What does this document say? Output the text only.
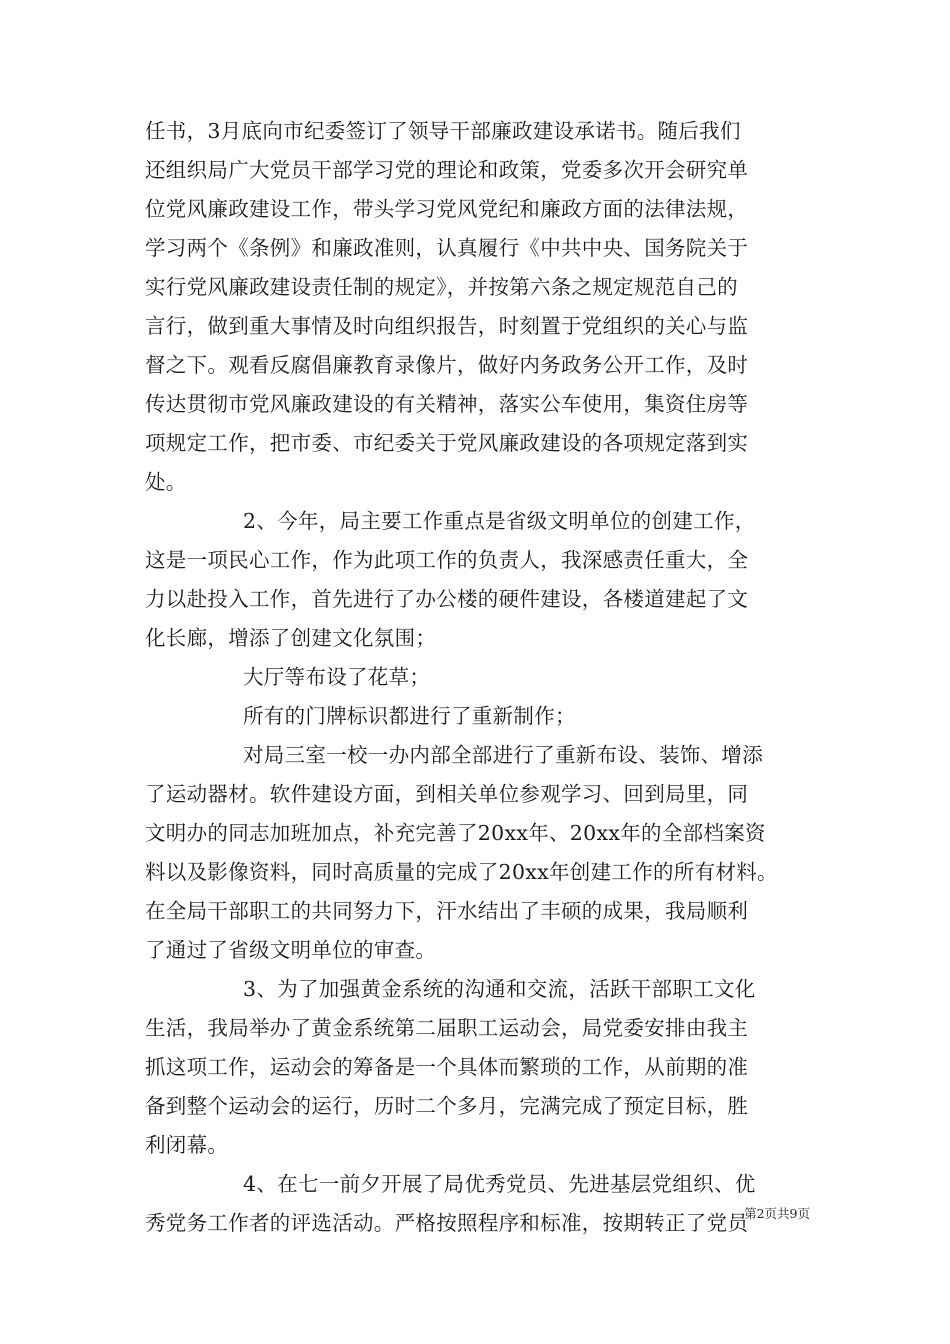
任书，3月底向市纪委签订了领导干部廉政建设承诺书。随后我们
还组织局广大党员干部学习党的理论和政策，党委多次开会研究单
位党风廉政建设工作，带头学习党风党纪和廉政方面的法律法规，
学习两个《条例》和廉政准则，认真履行《中共中央、国务院关于
实行党风廉政建设责任制的规定》，并按第六条之规定规范自己的
言行，做到重大事情及时向组织报告，时刻置于党组织的关心与监
督之下。观看反腐倡廉教育录像片，做好内务政务公开工作，及时
传达贯彻市党风廉政建设的有关精神，落实公车使用，集资住房等
项规定工作，把市委、市纪委关于党风廉政建设的各项规定落到实
处。
2、今年，局主要工作重点是省级文明单位的创建工作，
这是一项民心工作，作为此项工作的负责人，我深感责任重大，全
力以赴投入工作，首先进行了办公楼的硬件建设，各楼道建起了文
化长廊，增添了创建文化氛围；
大厅等布设了花草；
所有的门牌标识都进行了重新制作；
对局三室一校一办内部全部进行了重新布设、装饰、增添
了运动器材。软件建设方面，到相关单位参观学习、回到局里，同
文明办的同志加班加点，补充完善了20xx年、20xx年的全部档案资
料以及影像资料，同时高质量的完成了20xx年创建工作的所有材料。
在全局干部职工的共同努力下，汗水结出了丰硕的成果，我局顺利
了通过了省级文明单位的审查。
3、为了加强黄金系统的沟通和交流，活跃干部职工文化
生活，我局举办了黄金系统第二届职工运动会，局党委安排由我主
抓这项工作，运动会的筹备是一个具体而繁琐的工作，从前期的准
备到整个运动会的运行，历时二个多月，完满完成了预定目标，胜
利闭幕。
4、在七一前夕开展了局优秀党员、先进基层党组织、优
秀党务工作者的评选活动。严格按照程序和标准，按期转正了党员
第2页共9页
